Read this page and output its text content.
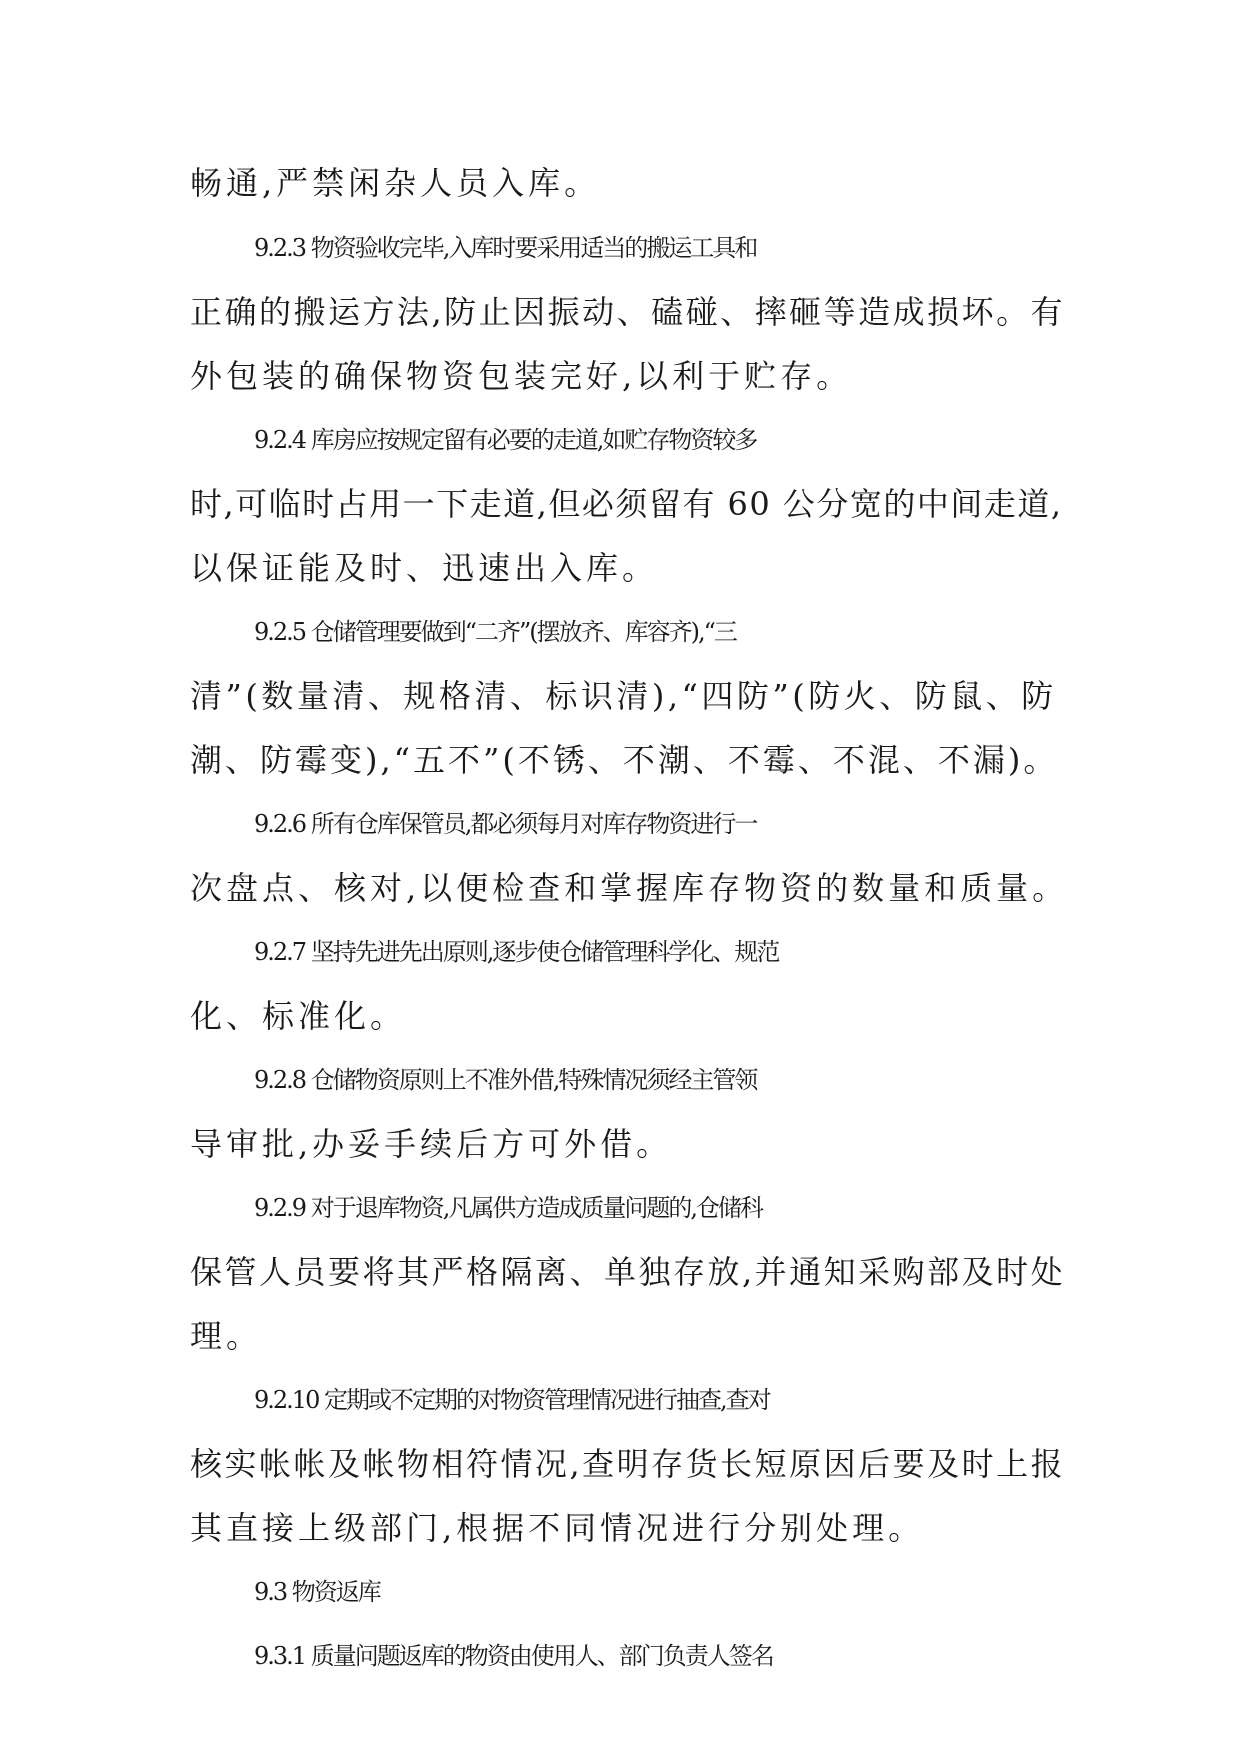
畅通,严禁闲杂人员入库。
9.2.3 物资验收完毕,入库时要采用适当的搬运工具和
正确的搬运方法,防止因振动、磕碰、摔砸等造成损坏。有
外包装的确保物资包装完好,以利于贮存。
9.2.4 库房应按规定留有必要的走道,如贮存物资较多
时,可临时占用一下走道,但必须留有 60 公分宽的中间走道,
以保证能及时、迅速出入库。
9.2.5 仓储管理要做到“二齐”(摆放齐、库容齐),“三
清”(数量清、规格清、标识清),“四防”(防火、防鼠、防
潮、防霉变),“五不”(不锈、不潮、不霉、不混、不漏)。
9.2.6 所有仓库保管员,都必须每月对库存物资进行一
次盘点、核对,以便检查和掌握库存物资的数量和质量。
9.2.7 坚持先进先出原则,逐步使仓储管理科学化、规范
化、标准化。
9.2.8 仓储物资原则上不准外借,特殊情况须经主管领
导审批,办妥手续后方可外借。
9.2.9 对于退库物资,凡属供方造成质量问题的,仓储科
保管人员要将其严格隔离、单独存放,并通知采购部及时处
理。
9.2.10 定期或不定期的对物资管理情况进行抽查,查对
核实帐帐及帐物相符情况,查明存货长短原因后要及时上报
其直接上级部门,根据不同情况进行分别处理。
9.3 物资返库
9.3.1 质量问题返库的物资由使用人、部门负责人签名
